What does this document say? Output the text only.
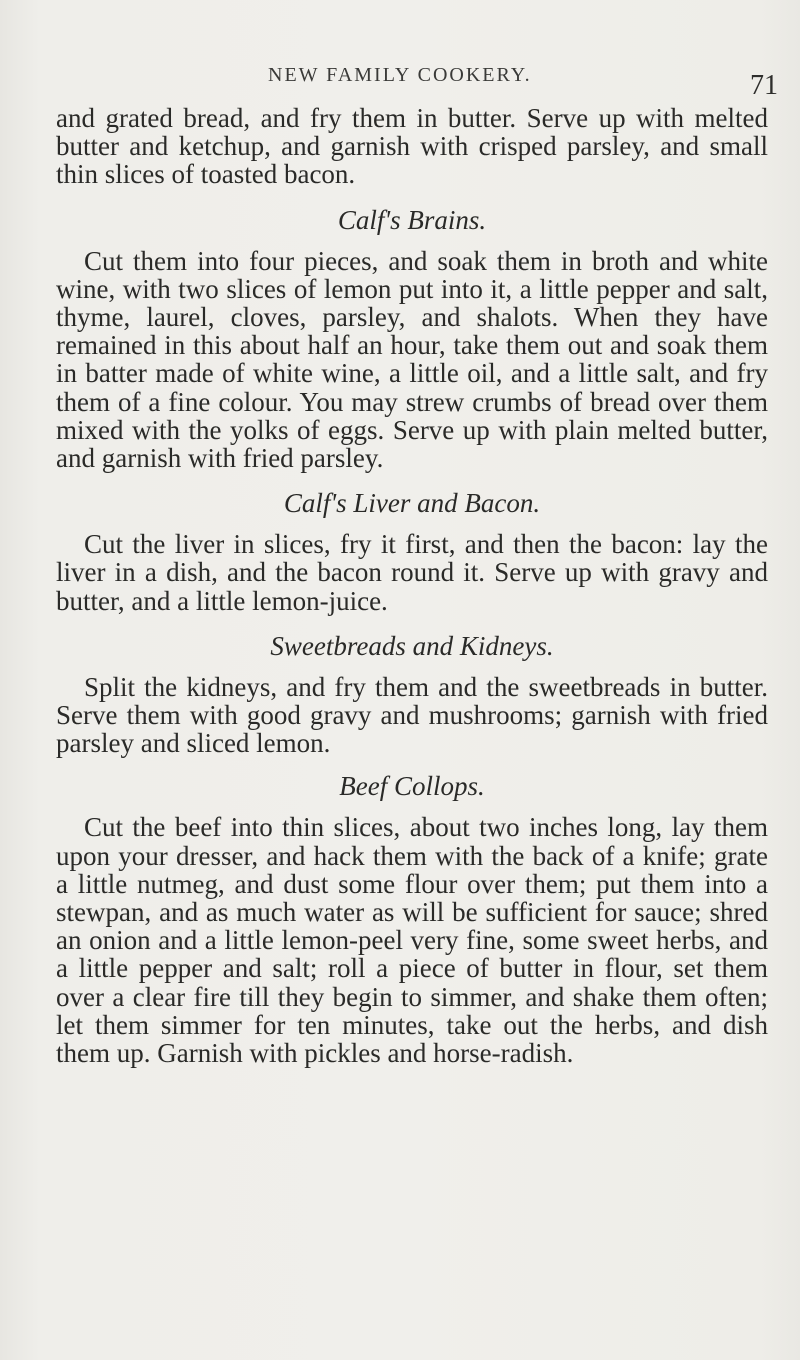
NEW FAMILY COOKERY.	71

and grated bread, and fry them in butter. Serve up with melted butter and ketchup, and garnish with crisped parsley, and small thin slices of toasted bacon.

Calf's Brains.

Cut them into four pieces, and soak them in broth and white wine, with two slices of lemon put into it, a little pepper and salt, thyme, laurel, cloves, parsley, and shalots. When they have remained in this about half an hour, take them out and soak them in batter made of white wine, a little oil, and a little salt, and fry them of a fine colour. You may strew crumbs of bread over them mixed with the yolks of eggs. Serve up with plain melted butter, and garnish with fried parsley.

Calf's Liver and Bacon.

Cut the liver in slices, fry it first, and then the bacon: lay the liver in a dish, and the bacon round it. Serve up with gravy and butter, and a little lemon-juice.

Sweetbreads and Kidneys.

Split the kidneys, and fry them and the sweetbreads in butter. Serve them with good gravy and mushrooms; garnish with fried parsley and sliced lemon.

Beef Collops.

Cut the beef into thin slices, about two inches long, lay them upon your dresser, and hack them with the back of a knife; grate a little nutmeg, and dust some flour over them; put them into a stewpan, and as much water as will be sufficient for sauce; shred an onion and a little lemon-peel very fine, some sweet herbs, and a little pepper and salt; roll a piece of butter in flour, set them over a clear fire till they begin to simmer, and shake them often; let them simmer for ten minutes, take out the herbs, and dish them up. Garnish with pickles and horse-radish.
